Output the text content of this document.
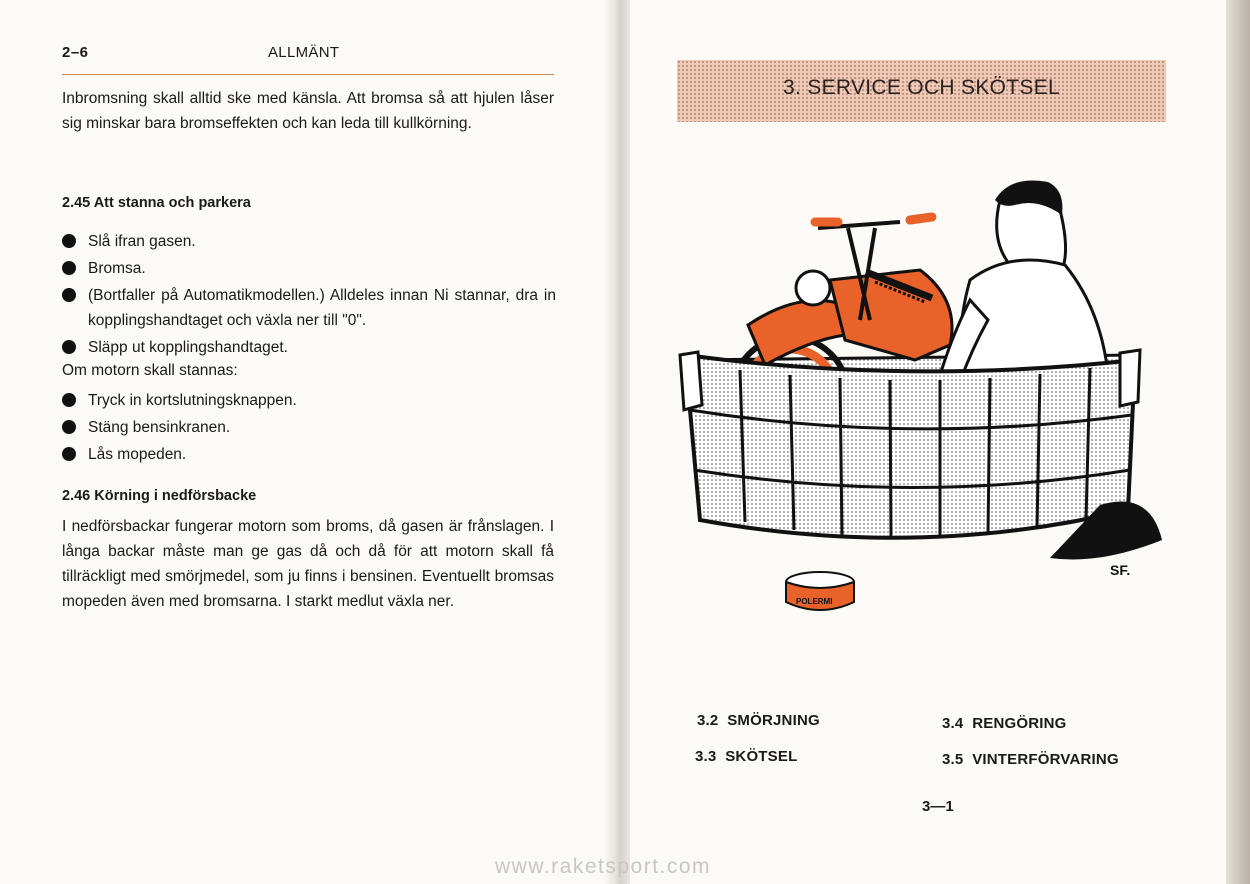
2–6	ALLMÄNT

Inbromsning skall alltid ske med känsla. Att bromsa så att hjulen låser sig minskar bara bromseffekten och kan leda till kullkörning.

2.45 Att stanna och parkera
Slå ifran gasen.
Bromsa.
(Bortfaller på Automatikmodellen.) Alldeles innan Ni stannar, dra in kopplingshandtaget och växla ner till "0".
Släpp ut kopplingshandtaget.
Om motorn skall stannas:
Tryck in kortslutningsknappen.
Stäng bensinkranen.
Lås mopeden.
2.46 Körning i nedförsbacke

I nedförsbackar fungerar motorn som broms, då gasen är frånslagen. I långa backar måste man ge gas då och då för att motorn skall få tillräckligt med smörjmedel, som ju finns i bensinen. Eventuellt bromsas mopeden även med bromsarna. I starkt medlut växla ner.

3. SERVICE OCH SKÖTSEL
SF.
POLERMI
3.2 SMÖRJNING
3.3 SKÖTSEL
3.4 RENGÖRING
3.5 VINTERFÖRVARING
3—1
www.raketsport.com
